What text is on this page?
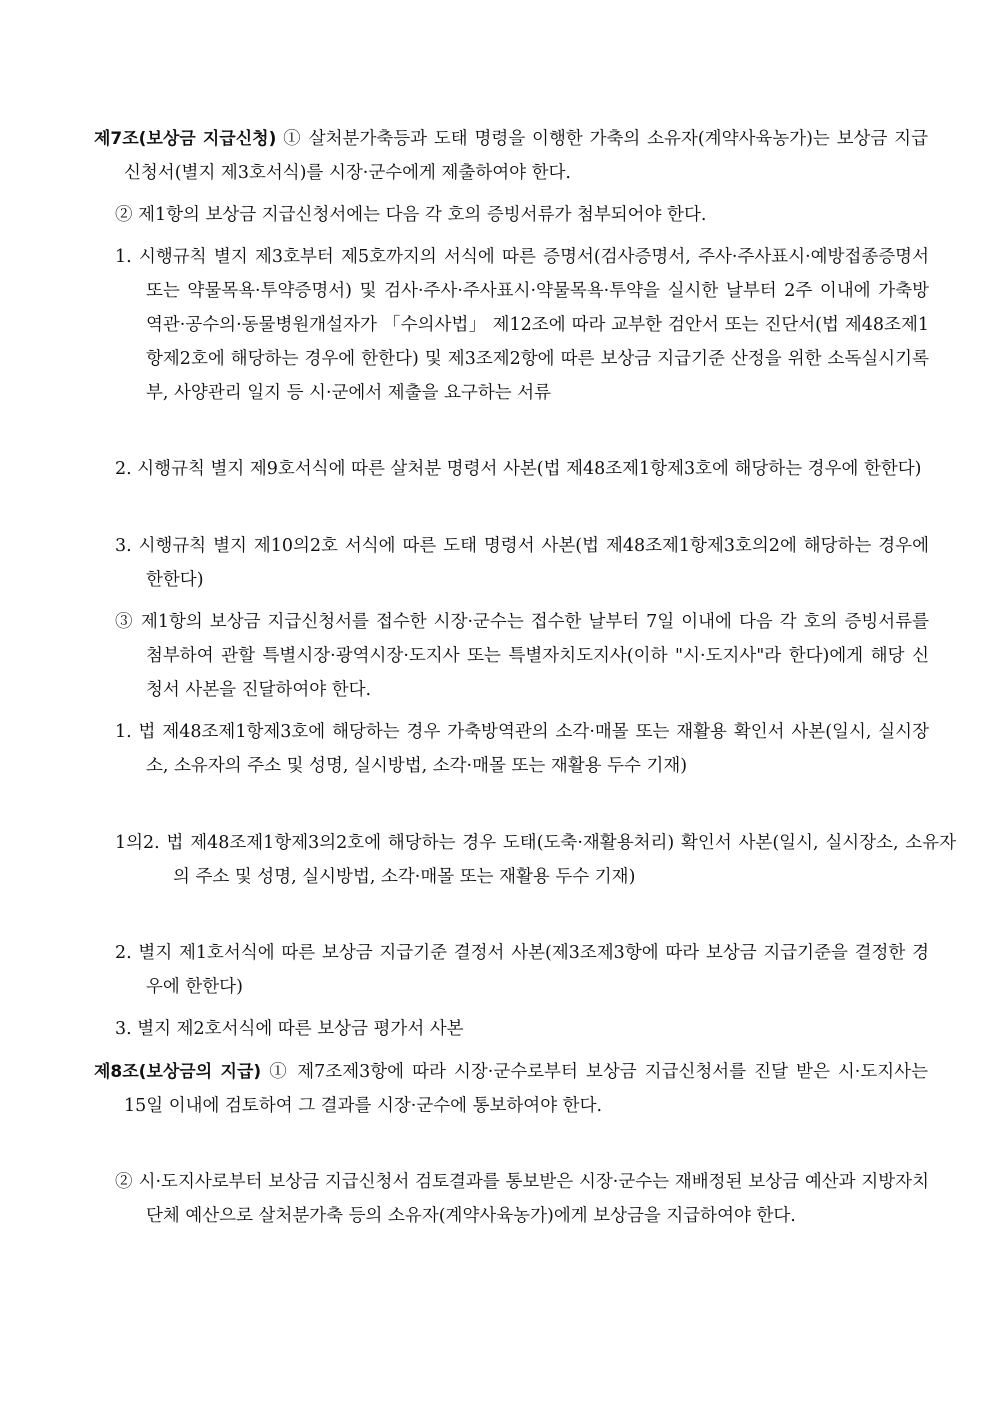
제7조(보상금 지급신청) ① 살처분가축등과 도태 명령을 이행한 가축의 소유자(계약사육농가)는 보상금 지급신청서(별지 제3호서식)를 시장·군수에게 제출하여야 한다.

② 제1항의 보상금 지급신청서에는 다음 각 호의 증빙서류가 첨부되어야 한다.

1. 시행규칙 별지 제3호부터 제5호까지의 서식에 따른 증명서(검사증명서, 주사·주사표시·예방접종증명서 또는 약물목욕·투약증명서) 및 검사·주사·주사표시·약물목욕·투약을 실시한 날부터 2주 이내에 가축방역관·공수의·동물병원개설자가 「수의사법」 제12조에 따라 교부한 검안서 또는 진단서(법 제48조제1항제2호에 해당하는 경우에 한한다) 및 제3조제2항에 따른 보상금 지급기준 산정을 위한 소독실시기록부, 사양관리 일지 등 시·군에서 제출을 요구하는 서류

2. 시행규칙 별지 제9호서식에 따른 살처분 명령서 사본(법 제48조제1항제3호에 해당하는 경우에 한한다)

3. 시행규칙 별지 제10의2호 서식에 따른 도태 명령서 사본(법 제48조제1항제3호의2에 해당하는 경우에 한한다)

③ 제1항의 보상금 지급신청서를 접수한 시장·군수는 접수한 날부터 7일 이내에 다음 각 호의 증빙서류를 첨부하여 관할 특별시장·광역시장·도지사 또는 특별자치도지사(이하 "시·도지사"라 한다)에게 해당 신청서 사본을 진달하여야 한다.

1. 법 제48조제1항제3호에 해당하는 경우 가축방역관의 소각·매몰 또는 재활용 확인서 사본(일시, 실시장소, 소유자의 주소 및 성명, 실시방법, 소각·매몰 또는 재활용 두수 기재)

1의2. 법 제48조제1항제3의2호에 해당하는 경우 도태(도축·재활용처리) 확인서 사본(일시, 실시장소, 소유자의 주소 및 성명, 실시방법, 소각·매몰 또는 재활용 두수 기재)

2. 별지 제1호서식에 따른 보상금 지급기준 결정서 사본(제3조제3항에 따라 보상금 지급기준을 결정한 경우에 한한다)

3. 별지 제2호서식에 따른 보상금 평가서 사본

제8조(보상금의 지급) ① 제7조제3항에 따라 시장·군수로부터 보상금 지급신청서를 진달 받은 시·도지사는 15일 이내에 검토하여 그 결과를 시장·군수에 통보하여야 한다.

② 시·도지사로부터 보상금 지급신청서 검토결과를 통보받은 시장·군수는 재배정된 보상금 예산과 지방자치단체 예산으로 살처분가축 등의 소유자(계약사육농가)에게 보상금을 지급하여야 한다.
